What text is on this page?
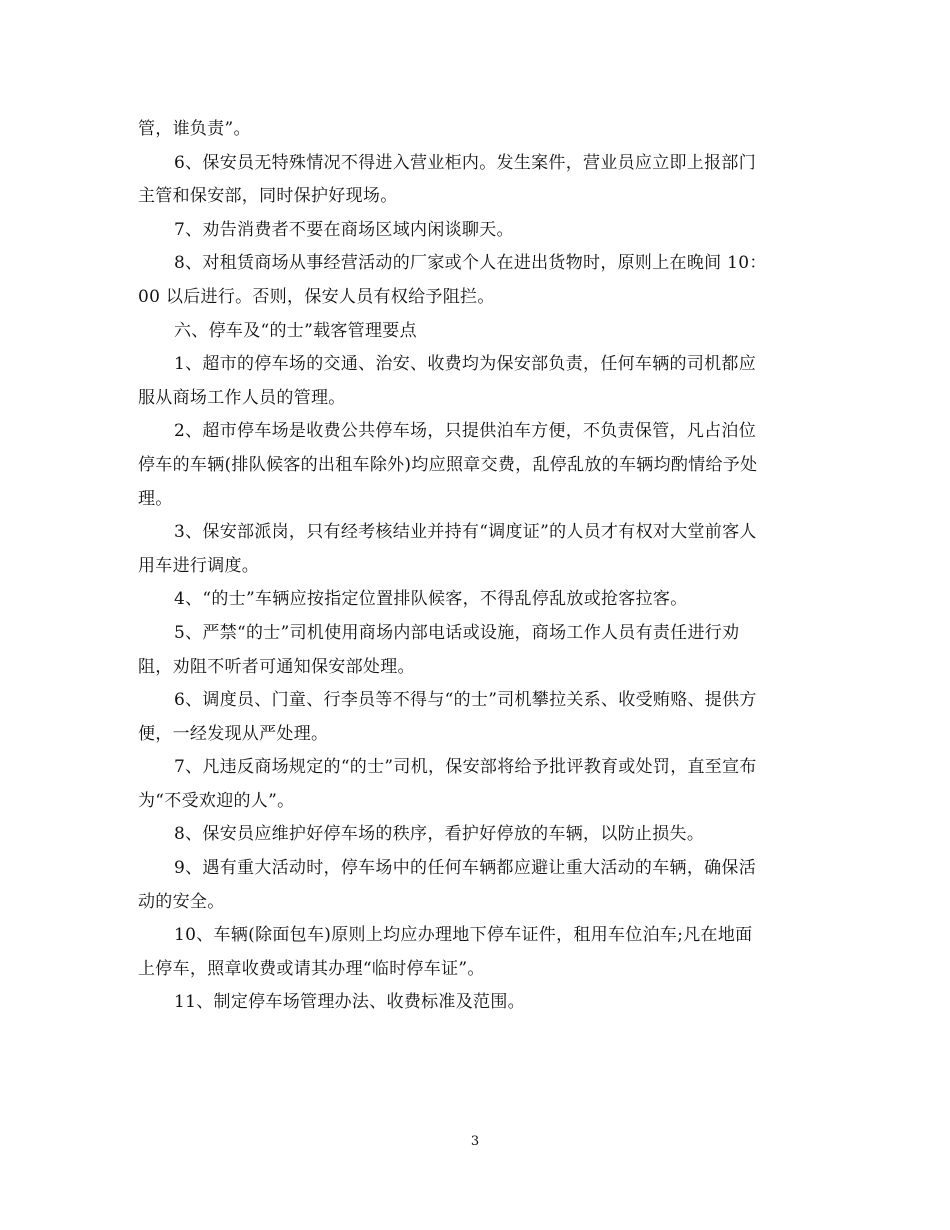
管，谁负责”。
6、保安员无特殊情况不得进入营业柜内。发生案件，营业员应立即上报部门
主管和保安部，同时保护好现场。
7、劝告消费者不要在商场区域内闲谈聊天。
8、对租赁商场从事经营活动的厂家或个人在进出货物时，原则上在晚间 10：
00 以后进行。否则，保安人员有权给予阻拦。
六、停车及“的士”载客管理要点
1、超市的停车场的交通、治安、收费均为保安部负责，任何车辆的司机都应
服从商场工作人员的管理。
2、超市停车场是收费公共停车场，只提供泊车方便，不负责保管，凡占泊位
停车的车辆(排队候客的出租车除外)均应照章交费，乱停乱放的车辆均酌情给予处
理。
3、保安部派岗，只有经考核结业并持有“调度证”的人员才有权对大堂前客人
用车进行调度。
4、“的士”车辆应按指定位置排队候客，不得乱停乱放或抢客拉客。
5、严禁“的士”司机使用商场内部电话或设施，商场工作人员有责任进行劝
阻，劝阻不听者可通知保安部处理。
6、调度员、门童、行李员等不得与“的士”司机攀拉关系、收受贿赂、提供方
便，一经发现从严处理。
7、凡违反商场规定的“的士”司机，保安部将给予批评教育或处罚，直至宣布
为“不受欢迎的人”。
8、保安员应维护好停车场的秩序，看护好停放的车辆，以防止损失。
9、遇有重大活动时，停车场中的任何车辆都应避让重大活动的车辆，确保活
动的安全。
10、车辆(除面包车)原则上均应办理地下停车证件，租用车位泊车;凡在地面
上停车，照章收费或请其办理“临时停车证”。
11、制定停车场管理办法、收费标准及范围。
3
